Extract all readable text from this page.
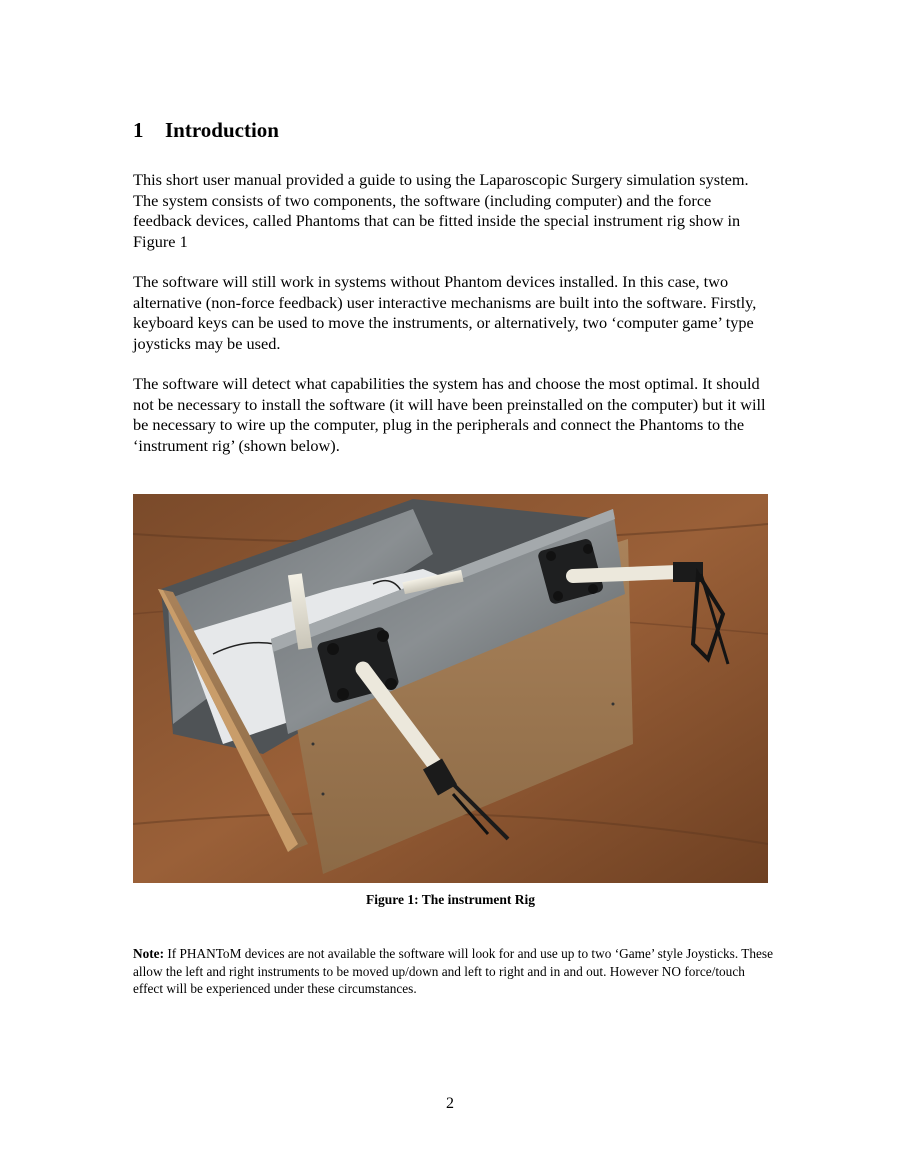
1 Introduction

This short user manual provided a guide to using the Laparoscopic Surgery simulation system. The system consists of two components, the software (including computer) and the force feedback devices, called Phantoms that can be fitted inside the special instrument rig show in Figure 1

The software will still work in systems without Phantom devices installed. In this case, two alternative (non-force feedback) user interactive mechanisms are built into the software. Firstly, keyboard keys can be used to move the instruments, or alternatively, two ‘computer game’ type joysticks may be used.

The software will detect what capabilities the system has and choose the most optimal. It should not be necessary to install the software (it will have been preinstalled on the computer) but it will be necessary to wire up the computer, plug in the peripherals and connect the Phantoms to the ‘instrument rig’ (shown below).

Figure 1: The instrument Rig

Note: If PHANToM devices are not available the software will look for and use up to two ‘Game’ style Joysticks. These allow the left and right instruments to be moved up/down and left to right and in and out. However NO force/touch effect will be experienced under these circumstances.

2
